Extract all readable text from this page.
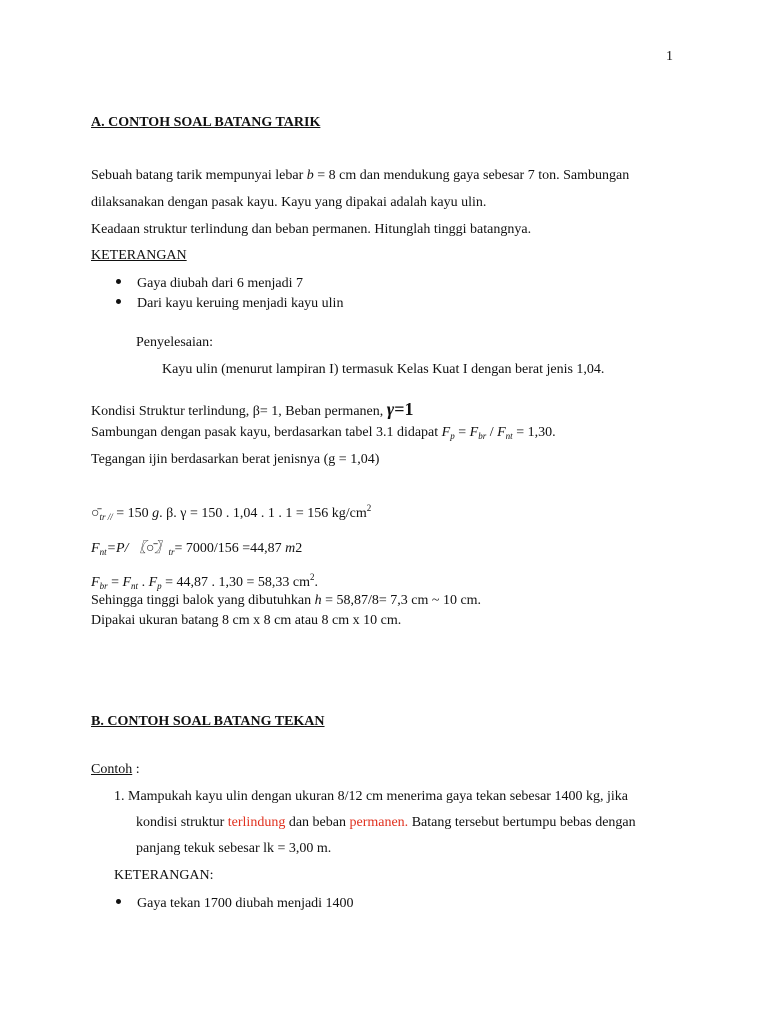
1
A. CONTOH SOAL BATANG TARIK
Sebuah batang tarik mempunyai lebar b = 8 cm dan mendukung gaya sebesar 7 ton. Sambungan
dilaksanakan dengan pasak kayu. Kayu yang dipakai adalah kayu ulin.
Keadaan struktur terlindung dan beban permanen. Hitunglah tinggi batangnya.
KETERANGAN
Gaya diubah dari 6 menjadi 7
Dari kayu keruing menjadi kayu ulin
Penyelesaian:
Kayu ulin (menurut lampiran I) termasuk Kelas Kuat I dengan berat jenis 1,04.
Kondisi Struktur terlindung, β= 1, Beban permanen, γ=1
Sambungan dengan pasak kayu, berdasarkan tabel 3.1 didapat $F_p = F_{br} / F_{nt} = 1,30$.
Tegangan ijin berdasarkan berat jenisnya (g = 1,04)
$○̄_{tr //} = 150$ g. β. γ = 150 . 1,04 . 1 . 1 = 156 $kg/cm^2$
$F_{nt}=P/$ 〖○̄〗$_{tr}$= 7000/156 =44,87 m2
$F_{br} = F_{nt}$ . $F_p = 44,87$ . 1,30 = 58,33 $cm^2$.
Sehingga tinggi balok yang dibutuhkan h = 58,87/8= 7,3 cm ~ 10 cm.
Dipakai ukuran batang 8 cm x 8 cm atau 8 cm x 10 cm.
B. CONTOH SOAL BATANG TEKAN
Contoh :
1. Mampukah kayu ulin dengan ukuran 8/12 cm menerima gaya tekan sebesar 1400 kg, jika
kondisi struktur terlindung dan beban permanen. Batang tersebut bertumpu bebas dengan
panjang tekuk sebesar lk = 3,00 m.
KETERANGAN:
Gaya tekan 1700 diubah menjadi 1400
